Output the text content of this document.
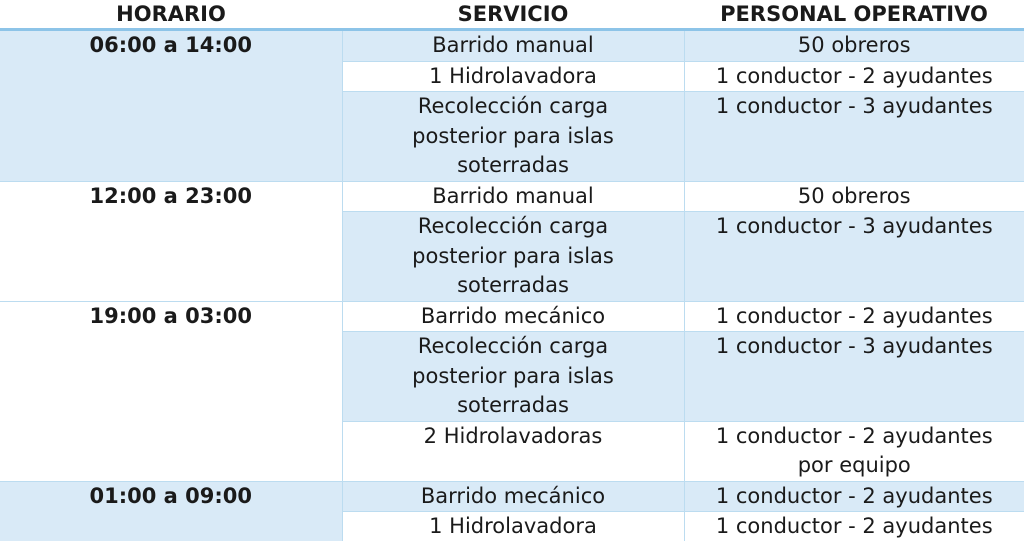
HORARIO	SERVICIO	PERSONAL OPERATIVO
06:00 a 14:00	Barrido manual	50 obreros

	1 Hidrolavadora	1 conductor - 2 ayudantes

	Recolección carga
posterior para islas
soterradas	1 conductor - 3 ayudantes

12:00 a 23:00	Barrido manual	50 obreros

	Recolección carga
posterior para islas
soterradas	1 conductor - 3 ayudantes

19:00 a 03:00	Barrido mecánico	1 conductor - 2 ayudantes

	Recolección carga
posterior para islas
soterradas	1 conductor - 3 ayudantes

	2 Hidrolavadoras	1 conductor - 2 ayudantes
por equipo

01:00 a 09:00	Barrido mecánico	1 conductor - 2 ayudantes

	1 Hidrolavadora	1 conductor - 2 ayudantes
